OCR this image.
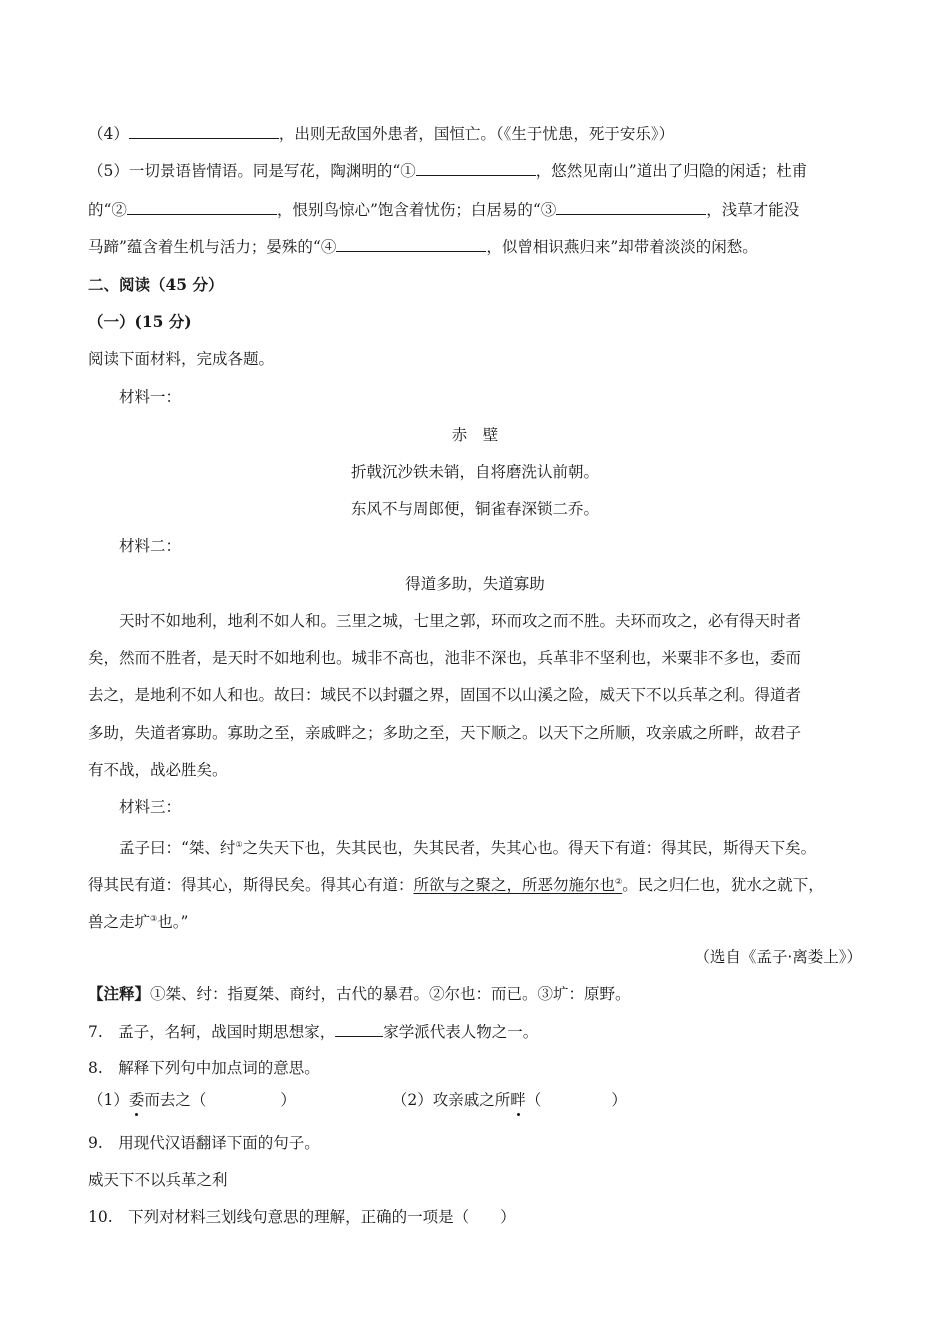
（4）	，出则无敌国外患者，国恒亡。（《生于忧患，死于安乐》）
（5）一切景语皆情语。同是写花，陶渊明的“①	，悠然见南山”道出了归隐的闲适；杜甫
的“②	，恨别鸟惊心”饱含着忧伤；白居易的“③	，浅草才能没
马蹄”蕴含着生机与活力；晏殊的“④	，似曾相识燕归来”却带着淡淡的闲愁。
二、阅读（45 分）
（一）(15 分)
阅读下面材料，完成各题。
材料一：
赤　壁
折戟沉沙铁未销，自将磨洗认前朝。
东风不与周郎便，铜雀春深锁二乔。
材料二：
得道多助，失道寡助
天时不如地利，地利不如人和。三里之城，七里之郭，环而攻之而不胜。夫环而攻之，必有得天时者
矣，然而不胜者，是天时不如地利也。城非不高也，池非不深也，兵革非不坚利也，米粟非不多也，委而
去之，是地利不如人和也。故曰：域民不以封疆之界，固国不以山溪之险，威天下不以兵革之利。得道者
多助，失道者寡助。寡助之至，亲戚畔之；多助之至，天下顺之。以天下之所顺，攻亲戚之所畔，故君子
有不战，战必胜矣。
材料三：
孟子曰：“桀、纣①之失天下也，失其民也，失其民者，失其心也。得天下有道：得其民，斯得天下矣。
得其民有道：得其心，斯得民矣。得其心有道：所欲与之聚之，所恶勿施尔也②。民之归仁也，犹水之就下，
兽之走圹③也。”
（选自《孟子·离娄上》）
【注释】①桀、纣：指夏桀、商纣，古代的暴君。②尔也：而已。③圹：原野。
7.　孟子，名轲，战国时期思想家，	家学派代表人物之一。
8.　解释下列句中加点词的意思。
（1）委而去之（	）	（2）攻亲戚之所畔（	）
9.　用现代汉语翻译下面的句子。
威天下不以兵革之利
10.　下列对材料三划线句意思的理解，正确的一项是（　　）
